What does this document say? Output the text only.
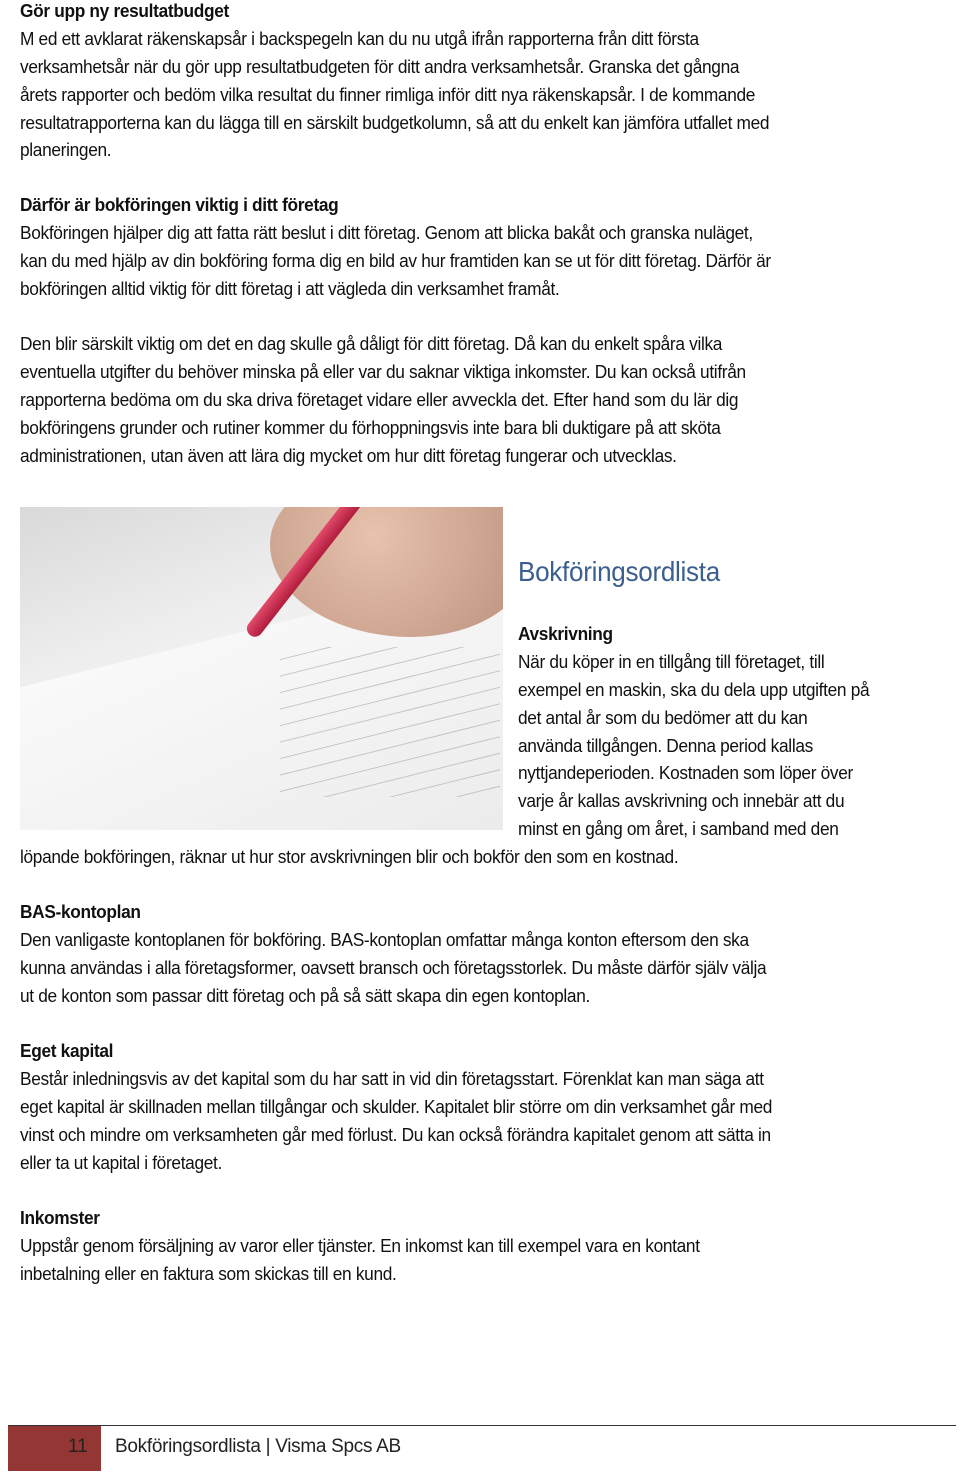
Gör upp ny resultatbudget
M ed ett avklarat räkenskapsår i backspegeln kan du nu utgå ifrån rapporterna från ditt första
verksamhetsår när du gör upp resultatbudgeten för ditt andra verksamhetsår. Granska det gångna
årets rapporter och bedöm vilka resultat du finner rimliga inför ditt nya räkenskapsår. I de kommande
resultatrapporterna kan du lägga till en särskilt budgetkolumn, så att du enkelt kan jämföra utfallet med
planeringen.
Därför är bokföringen viktig i ditt företag
Bokföringen hjälper dig att fatta rätt beslut i ditt företag. Genom att blicka bakåt och granska nuläget,
kan du med hjälp av din bokföring forma dig en bild av hur framtiden kan se ut för ditt företag. Därför är
bokföringen alltid viktig för ditt företag i att vägleda din verksamhet framåt.
Den blir särskilt viktig om det en dag skulle gå dåligt för ditt företag. Då kan du enkelt spåra vilka
eventuella utgifter du behöver minska på eller var du saknar viktiga inkomster. Du kan också utifrån
rapporterna bedöma om du ska driva företaget vidare eller avveckla det. Efter hand som du lär dig
bokföringens grunder och rutiner kommer du förhoppningsvis inte bara bli duktigare på att sköta
administrationen, utan även att lära dig mycket om hur ditt företag fungerar och utvecklas.
Bokföringsordlista
Avskrivning
När du köper in en tillgång till företaget, till
exempel en maskin, ska du dela upp utgiften på
det antal år som du bedömer att du kan
använda tillgången. Denna period kallas
nyttjandeperioden. Kostnaden som löper över
varje år kallas avskrivning och innebär att du
minst en gång om året, i samband med den
löpande bokföringen, räknar ut hur stor avskrivningen blir och bokför den som en kostnad.
BAS-kontoplan
Den vanligaste kontoplanen för bokföring. BAS-kontoplan omfattar många konton eftersom den ska
kunna användas i alla företagsformer, oavsett bransch och företagsstorlek. Du måste därför själv välja
ut de konton som passar ditt företag och på så sätt skapa din egen kontoplan.
Eget kapital
Består inledningsvis av det kapital som du har satt in vid din företagsstart. Förenklat kan man säga att
eget kapital är skillnaden mellan tillgångar och skulder. Kapitalet blir större om din verksamhet går med
vinst och mindre om verksamheten går med förlust. Du kan också förändra kapitalet genom att sätta in
eller ta ut kapital i företaget.
Inkomster
Uppstår genom försäljning av varor eller tjänster. En inkomst kan till exempel vara en kontant
inbetalning eller en faktura som skickas till en kund.
11 Bokföringsordlista | Visma Spcs AB
